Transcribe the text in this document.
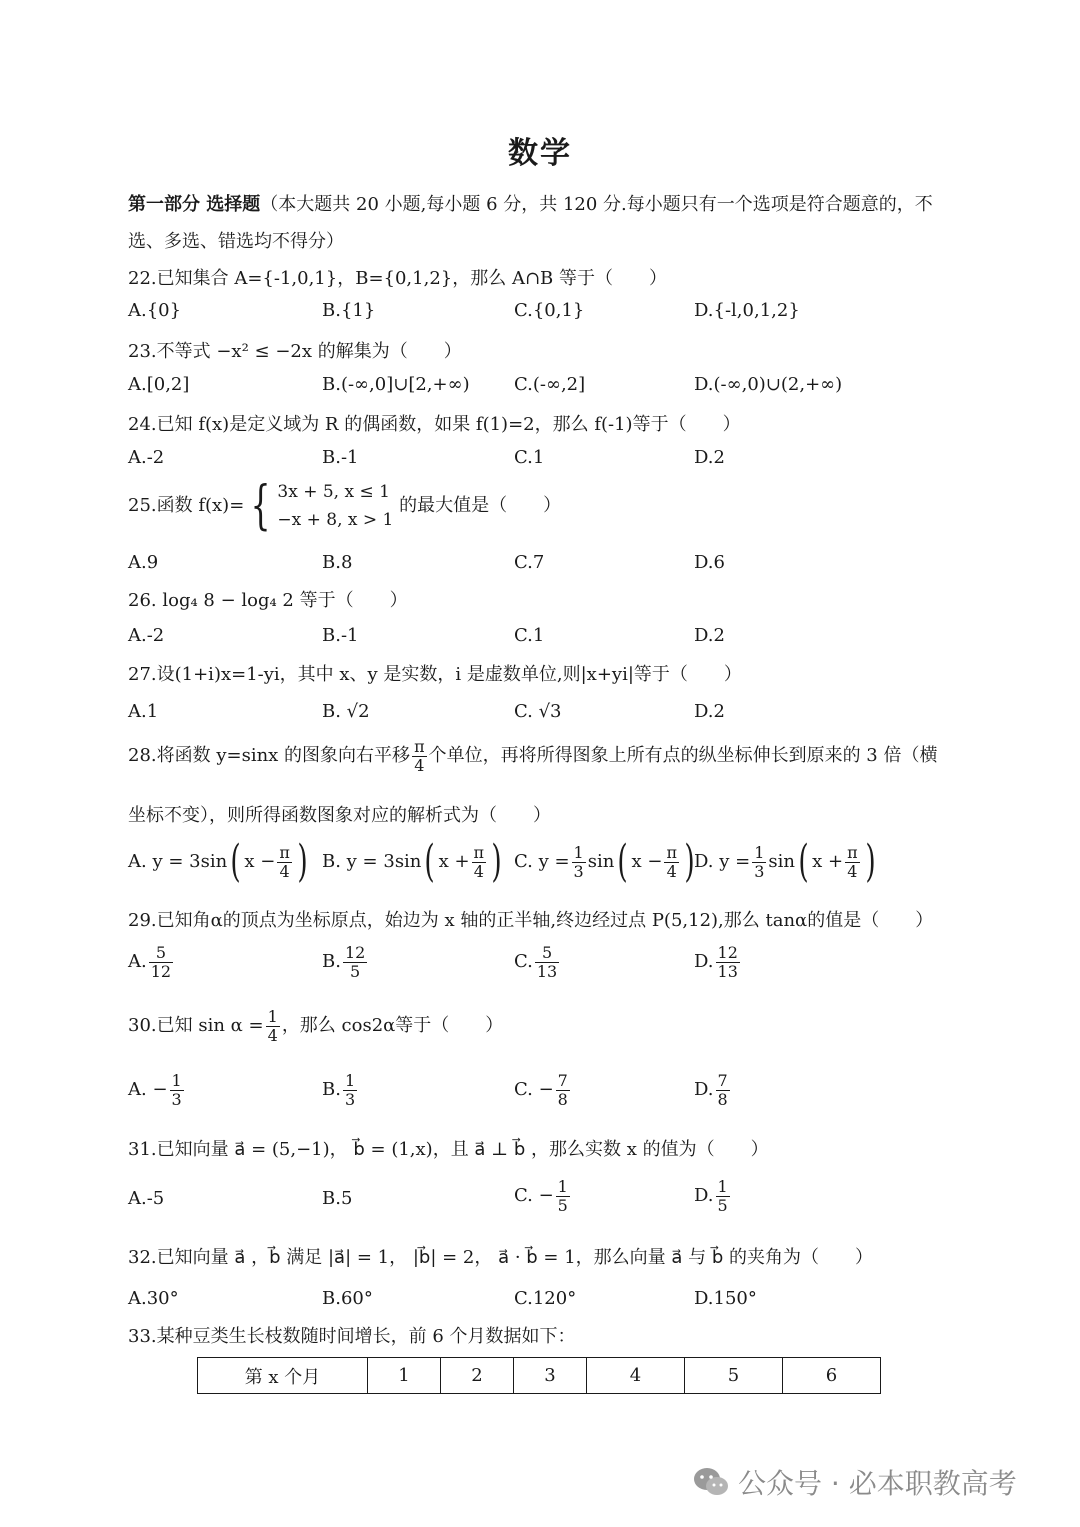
数学
第一部分 选择题（本大题共 20 小题,每小题 6 分，共 120 分.每小题只有一个选项是符合题意的，不
选、多选、错选均不得分）
22.已知集合 A={-1,0,1}，B={0,1,2}，那么 A∩B 等于（　　）
A.{0}	B.{1}	C.{0,1}	D.{-l,0,1,2}
23.不等式 −x² ≤ −2x 的解集为（　　）
A.[0,2]	B.(-∞,0]∪[2,+∞) C.(-∞,2]	D.(-∞,0)∪(2,+∞)
24.已知 f(x)是定义域为 R 的偶函数，如果 f(1)=2，那么 f(-1)等于（　　）
A.-2	B.-1	C.1	D.2
25.函数 f(x)= { 3x + 5, x ≤ 1
−x + 8, x > 1
的最大值是（　　）
A.9	B.8	C.7	D.6
26. log₄ 8 − log₄ 2 等于（　　）
A.-2	B.-1	C.1	D.2
27.设(1+i)x=1-yi，其中 x、y 是实数，i 是虚数单位,则|x+yi|等于（　　）
A.1	B. √2	C. √3	D.2
28.将函数 y=sinx 的图象向右平移 $\frac{\pi}{4}$ 个单位，再将所得图象上所有点的纵坐标伸长到原来的 3 倍（横
坐标不变），则所得函数图象对应的解析式为（　　）
A. y = 3sin( $x - \frac{\pi}{4}$ ) B. y = 3sin( $x + \frac{\pi}{4}$ ) C. $y = \frac{1}{3} \sin$( $x - \frac{\pi}{4}$ ) D. $y = \frac{1}{3} \sin$( $x + \frac{\pi}{4}$ )
29.已知角α的顶点为坐标原点，始边为 x 轴的正半轴,终边经过点 P(5,12),那么 tanα的值是（　　）
A. $\frac{5}{12}$	B. $\frac{12}{5}$	C. $\frac{5}{13}$	D. $\frac{12}{13}$
30.已知 $\sin \alpha = \frac{1}{4}$ ，那么 cos2α等于（　　）
A. − $\frac{1}{3}$	B. $\frac{1}{3}$	C. − $\frac{7}{8}$	D. $\frac{7}{8}$
31.已知向量 a⃗ = (5,−1)， b⃗ = (1,x)，且 a⃗ ⊥ b⃗ ，那么实数 x 的值为（　　）
A.-5	B.5	C. − $\frac{1}{5}$	D. $\frac{1}{5}$
32.已知向量 a⃗ ，b⃗ 满足 |a⃗| = 1， |b⃗| = 2， a⃗ · b⃗ = 1，那么向量 a⃗ 与 b⃗ 的夹角为（　　）
A.30°	B.60°	C.120°	D.150°
33.某种豆类生长枝数随时间增长，前 6 个月数据如下：
第 x 个月	1	2	3	4	5	6
公众号 · 必本职教高考
